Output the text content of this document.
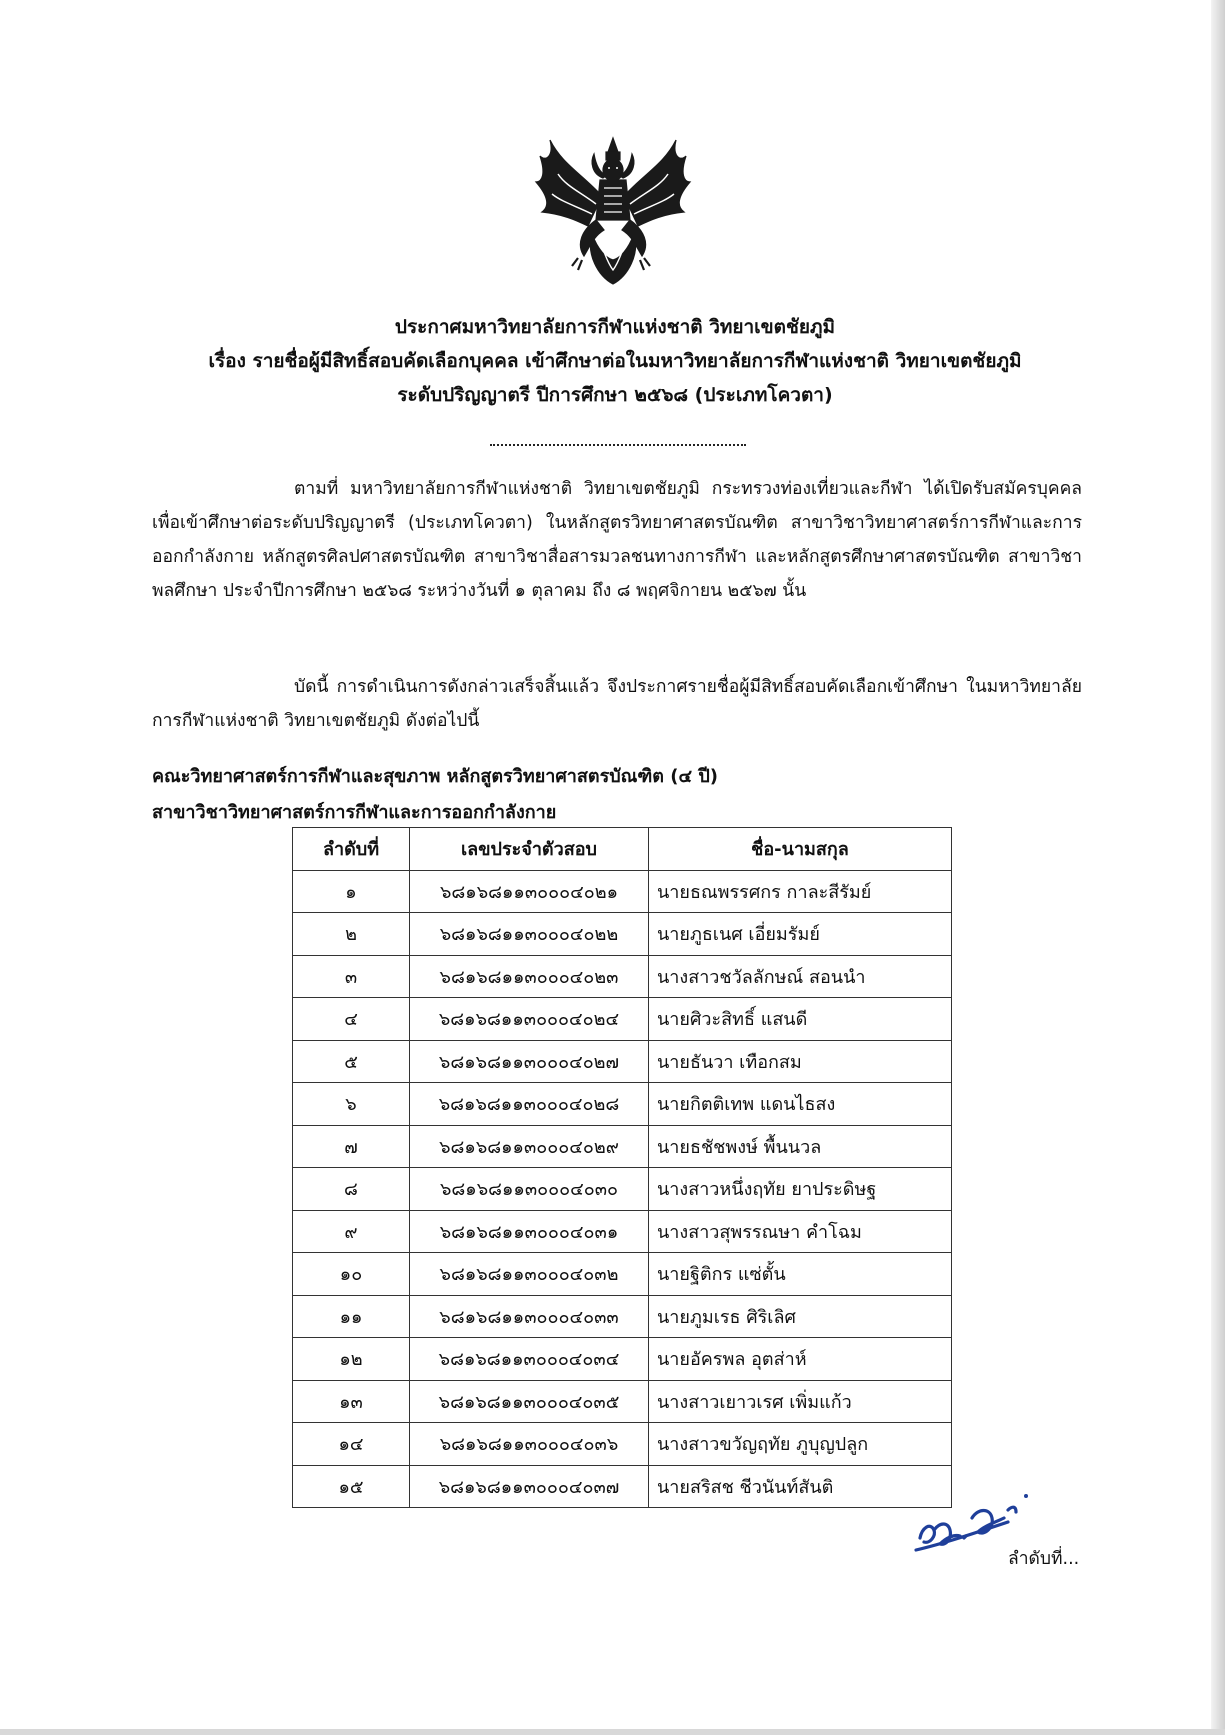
ประกาศมหาวิทยาลัยการกีฬาแห่งชาติ วิทยาเขตชัยภูมิ
เรื่อง รายชื่อผู้มีสิทธิ์สอบคัดเลือกบุคคล เข้าศึกษาต่อในมหาวิทยาลัยการกีฬาแห่งชาติ วิทยาเขตชัยภูมิ
ระดับปริญญาตรี ปีการศึกษา ๒๕๖๘ (ประเภทโควตา)
ตามที่ มหาวิทยาลัยการกีฬาแห่งชาติ วิทยาเขตชัยภูมิ กระทรวงท่องเที่ยวและกีฬา ได้เปิดรับสมัครบุคคล เพื่อเข้าศึกษาต่อระดับปริญญาตรี (ประเภทโควตา) ในหลักสูตรวิทยาศาสตรบัณฑิต สาขาวิชาวิทยาศาสตร์การกีฬาและการออกกำลังกาย หลักสูตรศิลปศาสตรบัณฑิต สาขาวิชาสื่อสารมวลชนทางการกีฬา และหลักสูตรศึกษาศาสตรบัณฑิต สาขาวิชาพลศึกษา ประจำปีการศึกษา ๒๕๖๘ ระหว่างวันที่ ๑ ตุลาคม ถึง ๘ พฤศจิกายน ๒๕๖๗ นั้น
บัดนี้ การดำเนินการดังกล่าวเสร็จสิ้นแล้ว จึงประกาศรายชื่อผู้มีสิทธิ์สอบคัดเลือกเข้าศึกษา ในมหาวิทยาลัยการกีฬาแห่งชาติ วิทยาเขตชัยภูมิ ดังต่อไปนี้
คณะวิทยาศาสตร์การกีฬาและสุขภาพ หลักสูตรวิทยาศาสตรบัณฑิต (๔ ปี)
สาขาวิชาวิทยาศาสตร์การกีฬาและการออกกำลังกาย
ลำดับที่	เลขประจำตัวสอบ	ชื่อ-นามสกุล
๑	๖๘๑๖๘๑๑๓๐๐๐๔๐๒๑	นายธณพรรศกร กาละสีรัมย์
๒	๖๘๑๖๘๑๑๓๐๐๐๔๐๒๒	นายภูธเนศ เอี่ยมรัมย์
๓	๖๘๑๖๘๑๑๓๐๐๐๔๐๒๓	นางสาวชวัลลักษณ์ สอนนำ
๔	๖๘๑๖๘๑๑๓๐๐๐๔๐๒๔	นายศิวะสิทธิ์ แสนดี
๕	๖๘๑๖๘๑๑๓๐๐๐๔๐๒๗	นายธันวา เทือกสม
๖	๖๘๑๖๘๑๑๓๐๐๐๔๐๒๘	นายกิตติเทพ แดนไธสง
๗	๖๘๑๖๘๑๑๓๐๐๐๔๐๒๙	นายธชัชพงษ์ พื้นนวล
๘	๖๘๑๖๘๑๑๓๐๐๐๔๐๓๐	นางสาวหนึ่งฤทัย ยาประดิษฐ
๙	๖๘๑๖๘๑๑๓๐๐๐๔๐๓๑	นางสาวสุพรรณษา คำโฉม
๑๐	๖๘๑๖๘๑๑๓๐๐๐๔๐๓๒	นายฐิติกร แซ่ตั้น
๑๑	๖๘๑๖๘๑๑๓๐๐๐๔๐๓๓	นายภูมเรธ ศิริเลิศ
๑๒	๖๘๑๖๘๑๑๓๐๐๐๔๐๓๔	นายอัครพล อุตส่าห์
๑๓	๖๘๑๖๘๑๑๓๐๐๐๔๐๓๕	นางสาวเยาวเรศ เพิ่มแก้ว
๑๔	๖๘๑๖๘๑๑๓๐๐๐๔๐๓๖	นางสาวขวัญฤทัย ภูบุญปลูก
๑๕	๖๘๑๖๘๑๑๓๐๐๐๔๐๓๗	นายสริสช ชีวนันท์สันติ
ลำดับที่...
